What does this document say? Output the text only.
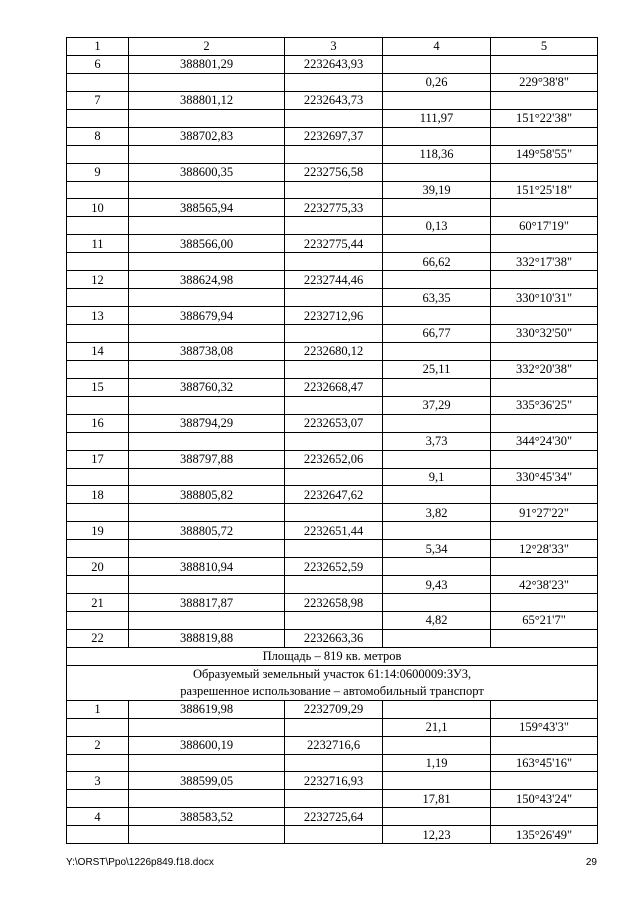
1	2	3	4	5
6	388801,29	2232643,93		
			0,26	229°38'8"
7	388801,12	2232643,73		
			111,97	151°22'38"
8	388702,83	2232697,37		
			118,36	149°58'55"
9	388600,35	2232756,58		
			39,19	151°25'18"
10	388565,94	2232775,33		
			0,13	60°17'19"
11	388566,00	2232775,44		
			66,62	332°17'38"
12	388624,98	2232744,46		
			63,35	330°10'31"
13	388679,94	2232712,96		
			66,77	330°32'50"
14	388738,08	2232680,12		
			25,11	332°20'38"
15	388760,32	2232668,47		
			37,29	335°36'25"
16	388794,29	2232653,07		
			3,73	344°24'30"
17	388797,88	2232652,06		
			9,1	330°45'34"
18	388805,82	2232647,62		
			3,82	91°27'22"
19	388805,72	2232651,44		
			5,34	12°28'33"
20	388810,94	2232652,59		
			9,43	42°38'23"
21	388817,87	2232658,98		
			4,82	65°21'7"
22	388819,88	2232663,36		
Площадь – 819 кв. метров				
Образуемый земельный участок 61:14:0600009:ЗУ3,				
разрешенное использование – автомобильный транспорт				
1	388619,98	2232709,29		
			21,1	159°43'3"
2	388600,19	2232716,6		
			1,19	163°45'16"
3	388599,05	2232716,93		
			17,81	150°43'24"
4	388583,52	2232725,64		
			12,23	135°26'49"
Y:\ORST\Ppo\1226p849.f18.docx	29
